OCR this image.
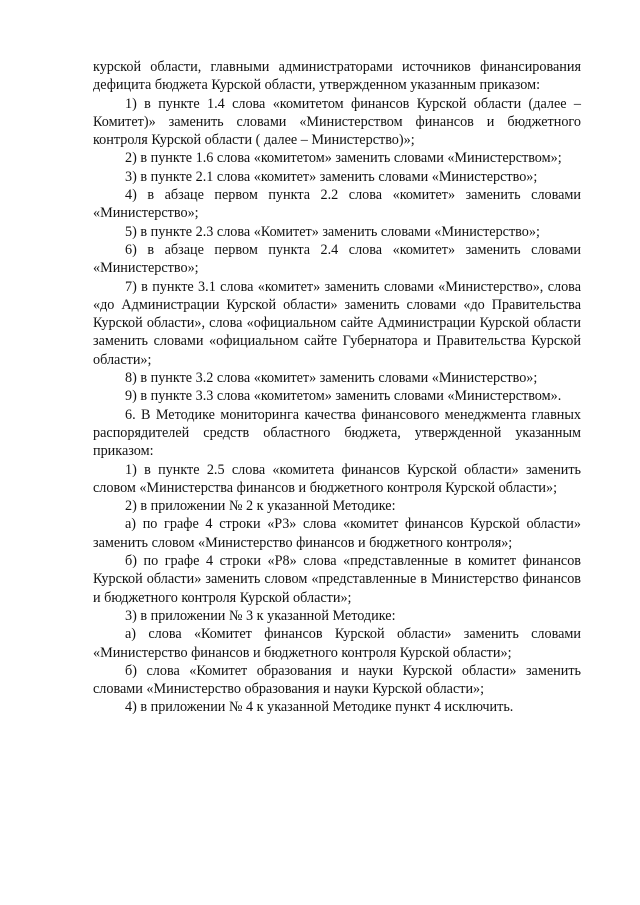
курской области, главными администраторами источников финансирования дефицита бюджета Курской области, утвержденном указанным приказом:

1) в пункте 1.4 слова «комитетом финансов Курской области (далее – Комитет)» заменить словами «Министерством финансов и бюджетного контроля Курской области ( далее – Министерство)»;

2) в пункте 1.6 слова «комитетом» заменить словами «Министерством»;

3) в пункте 2.1 слова «комитет» заменить словами «Министерство»;

4) в абзаце первом пункта 2.2 слова «комитет» заменить словами «Министерство»;

5) в пункте 2.3 слова «Комитет» заменить словами «Министерство»;

6) в абзаце первом пункта 2.4 слова «комитет» заменить словами «Министерство»;

7) в пункте 3.1 слова «комитет» заменить словами «Министерство», слова «до Администрации Курской области» заменить словами «до Правительства Курской области», слова «официальном сайте Администрации Курской области заменить словами «официальном сайте Губернатора и Правительства Курской области»;

8) в пункте 3.2 слова «комитет» заменить словами «Министерство»;

9) в пункте 3.3 слова «комитетом» заменить словами «Министерством».

6. В Методике мониторинга качества финансового менеджмента главных распорядителей средств областного бюджета, утвержденной указанным приказом:

1) в пункте 2.5 слова «комитета финансов Курской области» заменить словом «Министерства финансов и бюджетного контроля Курской области»;

2) в приложении № 2 к указанной Методике:

а) по графе 4 строки «Р3» слова «комитет финансов Курской области» заменить словом «Министерство финансов и бюджетного контроля»;

б) по графе 4 строки «Р8» слова «представленные в комитет финансов Курской области» заменить словом «представленные в Министерство финансов и бюджетного контроля Курской области»;

3) в приложении № 3 к указанной Методике:

а) слова «Комитет финансов Курской области» заменить словами «Министерство финансов и бюджетного контроля Курской области»;

б) слова «Комитет образования и науки Курской области» заменить словами «Министерство образования и науки Курской области»;

4) в приложении № 4 к указанной Методике пункт 4 исключить.
